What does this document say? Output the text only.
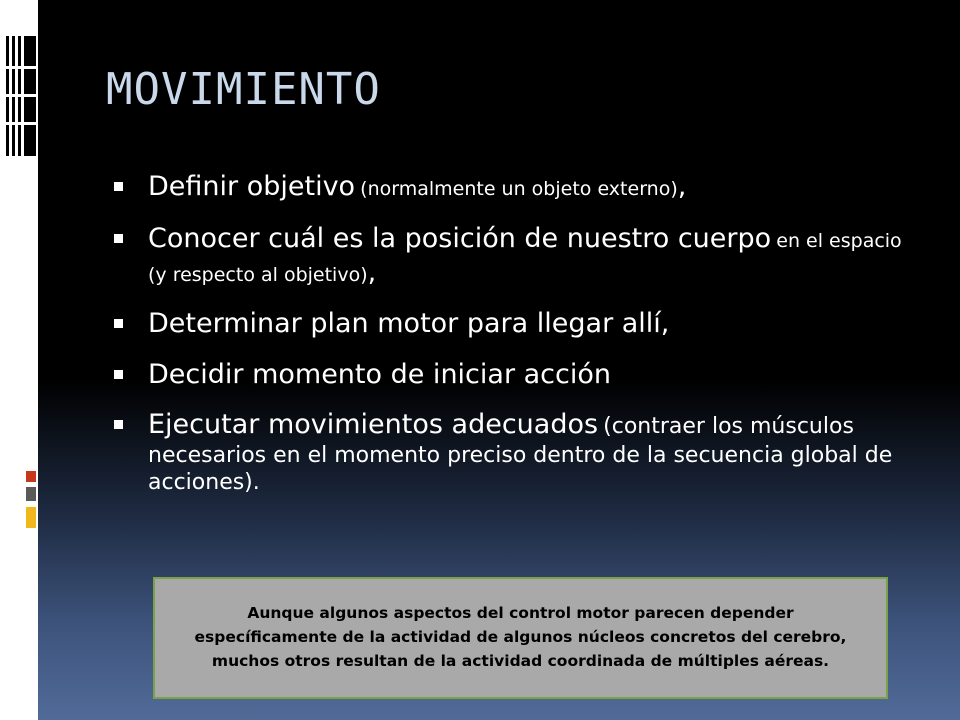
MOVIMIENTO
Definir objetivo (normalmente un objeto externo),
Conocer cuál es la posición de nuestro cuerpo en el espacio (y respecto al objetivo),
Determinar plan motor para llegar allí,
Decidir momento de iniciar acción
Ejecutar movimientos adecuados (contraer los músculos necesarios en el momento preciso dentro de la secuencia global de acciones).
Aunque algunos aspectos del control motor parecen depender específicamente de la actividad de algunos núcleos concretos del cerebro, muchos otros resultan de la actividad coordinada de múltiples aéreas.
